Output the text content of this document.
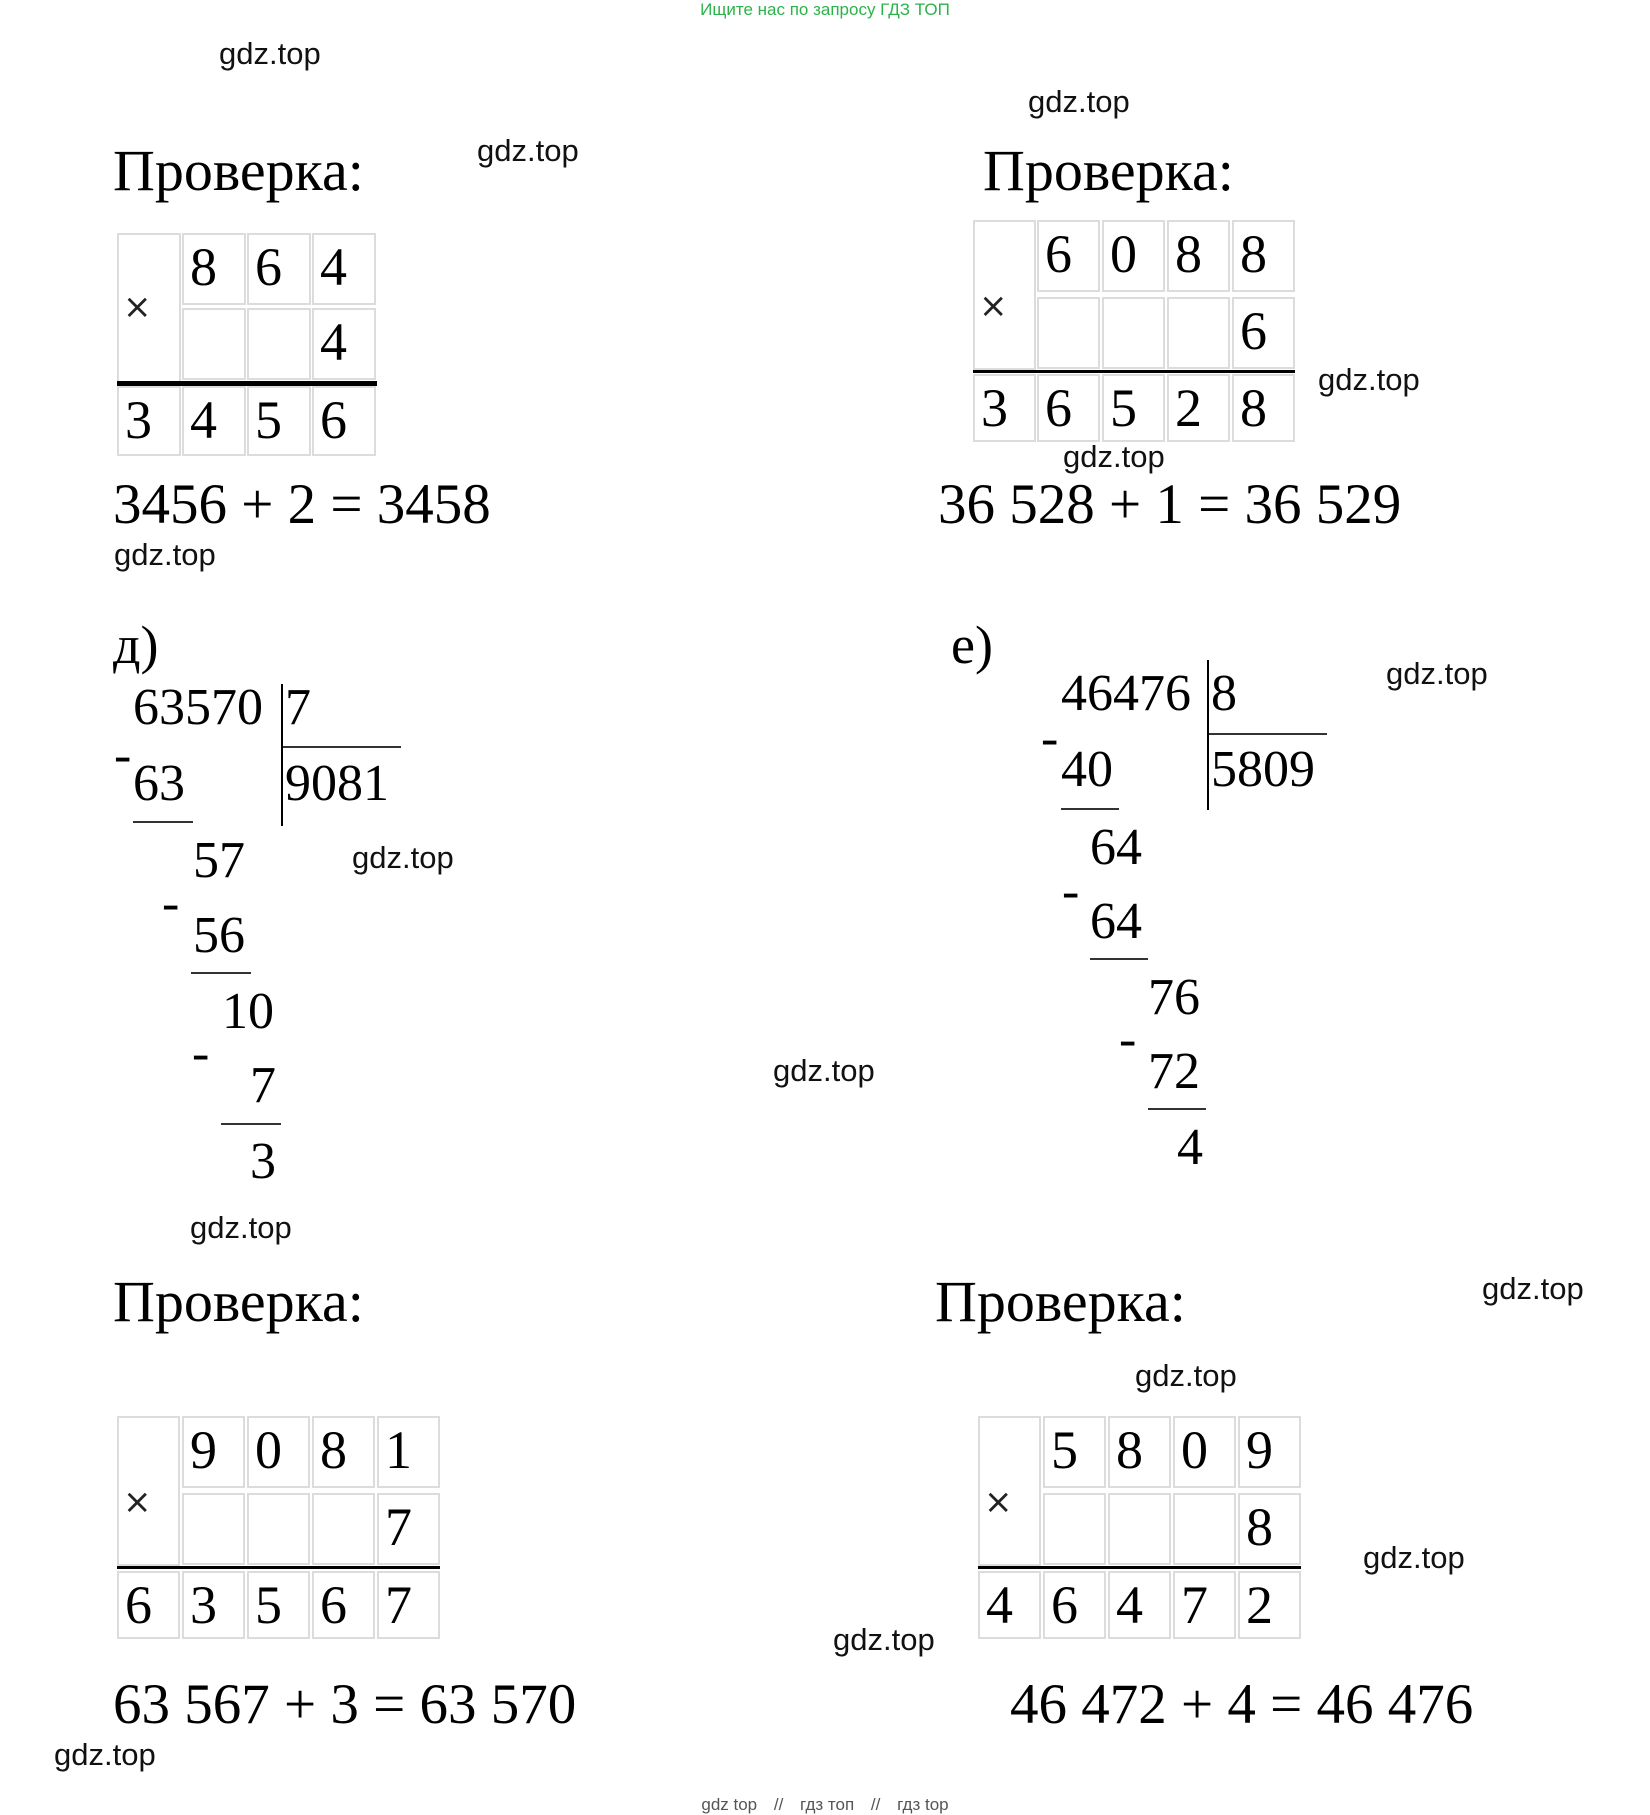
Ищите нас по запросу ГДЗ ТОП
gdz.top
gdz.top
gdz.top
gdz.top
gdz.top
gdz.top
gdz.top
gdz.top
gdz.top
gdz.top
gdz.top
gdz.top
gdz.top
gdz.top
gdz.top
Проверка:
×
8 6 4
4
3 4 5 6
3456 + 2 = 3458
Проверка:
×
6 0 8 8
6
3 6 5 2 8
36 528 + 1 = 36 529
д)
63570 7
9081
- 63
57
-
56
10
-
7
3
е)
46476 8
5809
-
40
64
-
64
76
-
72
4
Проверка:
×
9 0 8 1
7
6 3 5 6 7
63 567 + 3 = 63 570
Проверка:
×
5 8 0 9
8
4 6 4 7 2
46 472 + 4 = 46 476
gdz top // гдз топ // гдз top
